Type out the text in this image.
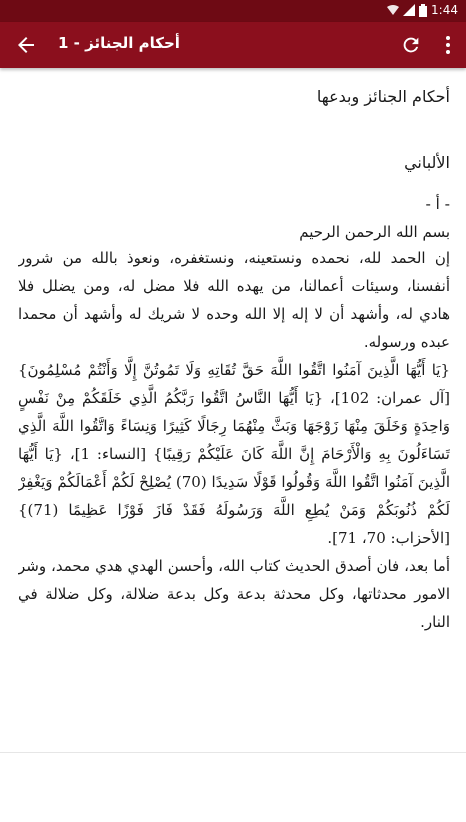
1:44
أحكام الجنائز - 1

أحكام الجنائز وبدعها

الألباني

- أ -

بسم الله الرحمن الرحيم

إن الحمد لله، نحمده ونستعينه، ونستغفره، ونعوذ بالله من شرور أنفسنا، وسيئات أعمالنا، من يهده الله فلا مضل له، ومن يضلل فلا هادي له، وأشهد أن لا إله إلا الله وحده لا شريك له وأشهد أن محمدا عبده ورسوله.

{يَا أَيُّهَا الَّذِينَ آمَنُوا اتَّقُوا اللَّهَ حَقَّ تُقَاتِهِ وَلَا تَمُوتُنَّ إِلَّا وَأَنْتُمْ مُسْلِمُونَ} [آل عمران: 102]، {يَا أَيُّهَا النَّاسُ اتَّقُوا رَبَّكُمُ الَّذِي خَلَقَكُمْ مِنْ نَفْسٍ وَاحِدَةٍ وَخَلَقَ مِنْهَا زَوْجَهَا وَبَثَّ مِنْهُمَا رِجَالًا كَثِيرًا وَنِسَاءً وَاتَّقُوا اللَّهَ الَّذِي تَسَاءَلُونَ بِهِ وَالْأَرْحَامَ إِنَّ اللَّهَ كَانَ عَلَيْكُمْ رَقِيبًا} [النساء: 1]، {يَا أَيُّهَا الَّذِينَ آمَنُوا اتَّقُوا اللَّهَ وَقُولُوا قَوْلًا سَدِيدًا (70) يُصْلِحْ لَكُمْ أَعْمَالَكُمْ وَيَغْفِرْ لَكُمْ ذُنُوبَكُمْ وَمَنْ يُطِعِ اللَّهَ وَرَسُولَهُ فَقَدْ فَازَ فَوْزًا عَظِيمًا (71)} [الأحزاب: 70، 71].

أما بعد، فان أصدق الحديث كتاب الله، وأحسن الهدي هدي محمد، وشر الامور محدثاتها، وكل محدثة بدعة وكل بدعة ضلالة، وكل ضلالة في النار.
